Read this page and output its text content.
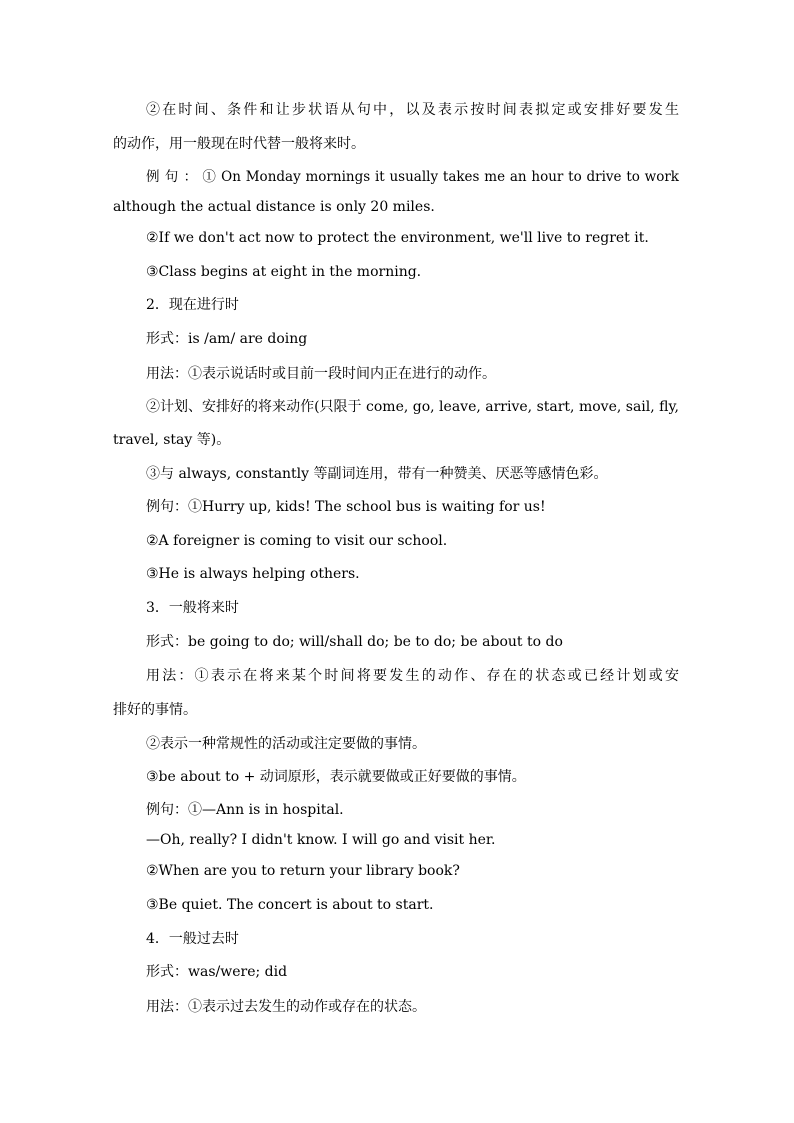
②在时间、条件和让步状语从句中，以及表示按时间表拟定或安排好要发生
的动作，用一般现在时代替一般将来时。
例 句 ： ① On Monday mornings it usually takes me an hour to drive to work
although the actual distance is only 20 miles.
②If we don't act now to protect the environment, we'll live to regret it.
③Class begins at eight in the morning.
2．现在进行时
形式：is /am/ are doing
用法：①表示说话时或目前一段时间内正在进行的动作。
②计划、安排好的将来动作(只限于 come, go, leave, arrive, start, move, sail, fly,
travel, stay 等)。
③与 always, constantly 等副词连用，带有一种赞美、厌恶等感情色彩。
例句：①Hurry up, kids! The school bus is waiting for us!
②A foreigner is coming to visit our school.
③He is always helping others.
3．一般将来时
形式：be going to do; will/shall do; be to do; be about to do
用法：①表示在将来某个时间将要发生的动作、存在的状态或已经计划或安
排好的事情。
②表示一种常规性的活动或注定要做的事情。
③be about to + 动词原形，表示就要做或正好要做的事情。
例句：①—Ann is in hospital.
—Oh, really? I didn't know. I will go and visit her.
②When are you to return your library book?
③Be quiet. The concert is about to start.
4．一般过去时
形式：was/were; did
用法：①表示过去发生的动作或存在的状态。
